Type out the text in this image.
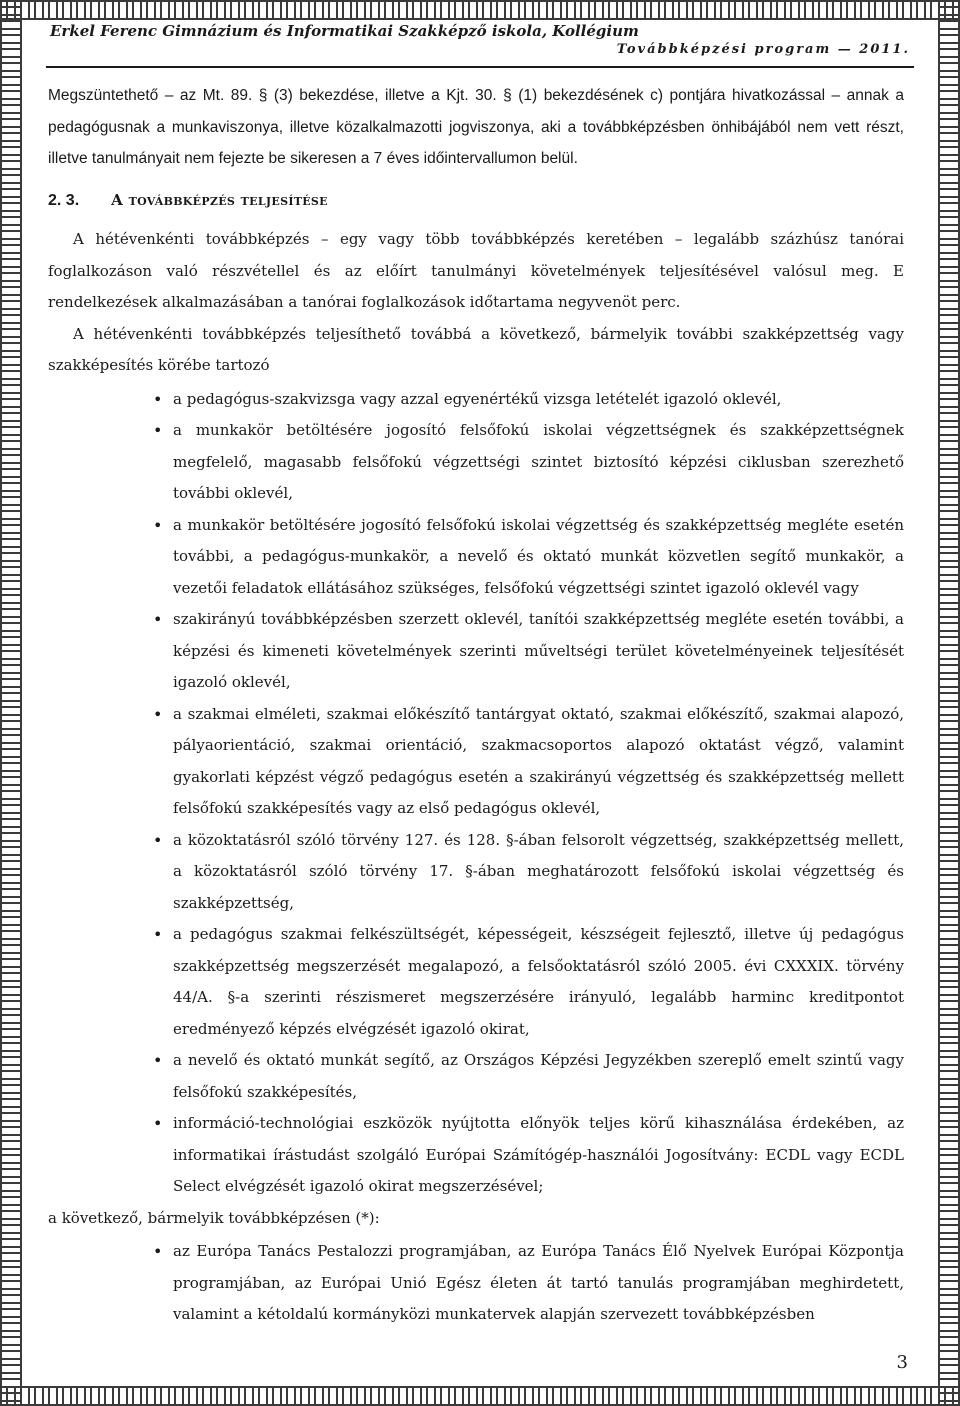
Erkel Ferenc Gimnázium és Informatikai Szakképző iskola, Kollégium
Továbbképzési program — 2011.

Megszüntethető – az Mt. 89. § (3) bekezdése, illetve a Kjt. 30. § (1) bekezdésének c) pontjára hivatkozással – annak a pedagógusnak a munkaviszonya, illetve közalkalmazotti jogviszonya, aki a továbbképzésben önhibájából nem vett részt, illetve tanulmányait nem fejezte be sikeresen a 7 éves időintervallumon belül.

2. 3. A továbbképzés teljesítése

A hétévenkénti továbbképzés – egy vagy több továbbképzés keretében – legalább százhúsz tanórai foglalkozáson való részvétellel és az előírt tanulmányi követelmények teljesítésével valósul meg. E rendelkezések alkalmazásában a tanórai foglalkozások időtartama negyvenöt perc.

A hétévenkénti továbbképzés teljesíthető továbbá a következő, bármelyik további szakképzettség vagy szakképesítés körébe tartozó

• a pedagógus-szakvizsga vagy azzal egyenértékű vizsga letételét igazoló oklevél,
• a munkakör betöltésére jogosító felsőfokú iskolai végzettségnek és szakképzettségnek megfelelő, magasabb felsőfokú végzettségi szintet biztosító képzési ciklusban szerezhető további oklevél,
• a munkakör betöltésére jogosító felsőfokú iskolai végzettség és szakképzettség megléte esetén további, a pedagógus-munkakör, a nevelő és oktató munkát közvetlen segítő munkakör, a vezetői feladatok ellátásához szükséges, felsőfokú végzettségi szintet igazoló oklevél vagy
• szakirányú továbbképzésben szerzett oklevél, tanítói szakképzettség megléte esetén további, a képzési és kimeneti követelmények szerinti műveltségi terület követelményeinek teljesítését igazoló oklevél,
• a szakmai elméleti, szakmai előkészítő tantárgyat oktató, szakmai előkészítő, szakmai alapozó, pályaorientáció, szakmai orientáció, szakmacsoportos alapozó oktatást végző, valamint gyakorlati képzést végző pedagógus esetén a szakirányú végzettség és szakképzettség mellett felsőfokú szakképesítés vagy az első pedagógus oklevél,
• a közoktatásról szóló törvény 127. és 128. §-ában felsorolt végzettség, szakképzettség mellett, a közoktatásról szóló törvény 17. §-ában meghatározott felsőfokú iskolai végzettség és szakképzettség,
• a pedagógus szakmai felkészültségét, képességeit, készségeit fejlesztő, illetve új pedagógus szakképzettség megszerzését megalapozó, a felsőoktatásról szóló 2005. évi CXXXIX. törvény 44/A. §-a szerinti részismeret megszerzésére irányuló, legalább harminc kreditpontot eredményező képzés elvégzését igazoló okirat,
• a nevelő és oktató munkát segítő, az Országos Képzési Jegyzékben szereplő emelt szintű vagy felsőfokú szakképesítés,
• információ-technológiai eszközök nyújtotta előnyök teljes körű kihasználása érdekében, az informatikai írástudást szolgáló Európai Számítógép-használói Jogosítvány: ECDL vagy ECDL Select elvégzését igazoló okirat megszerzésével;

a következő, bármelyik továbbképzésen (*):

• az Európa Tanács Pestalozzi programjában, az Európa Tanács Élő Nyelvek Európai Központja programjában, az Európai Unió Egész életen át tartó tanulás programjában meghirdetett, valamint a kétoldalú kormányközi munkatervek alapján szervezett továbbképzésben
3
